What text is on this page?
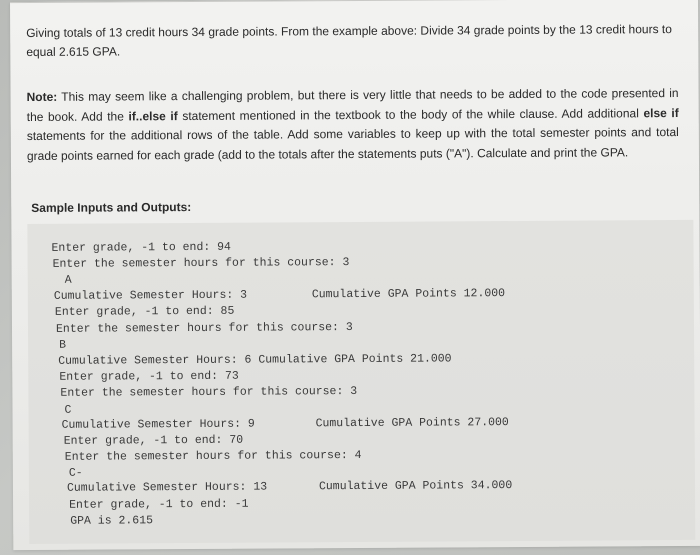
Giving totals of 13 credit hours 34 grade points. From the example above: Divide 34 grade points by the 13 credit hours to equal 2.615 GPA.
Note: This may seem like a challenging problem, but there is very little that needs to be added to the code presented in the book. Add the if..else if statement mentioned in the textbook to the body of the while clause. Add additional else if statements for the additional rows of the table. Add some variables to keep up with the total semester points and total grade points earned for each grade (add to the totals after the statements puts ("A"). Calculate and print the GPA.
Sample Inputs and Outputs:
Enter grade, -1 to end: 94
Enter the semester hours for this course: 3
A
Cumulative Semester Hours: 3	Cumulative GPA Points 12.000
Enter grade, -1 to end: 85
Enter the semester hours for this course: 3
B
Cumulative Semester Hours: 6 Cumulative GPA Points 21.000
Enter grade, -1 to end: 73
Enter the semester hours for this course: 3
C
Cumulative Semester Hours: 9	Cumulative GPA Points 27.000
Enter grade, -1 to end: 70
Enter the semester hours for this course: 4
C-
Cumulative Semester Hours: 13	Cumulative GPA Points 34.000
Enter grade, -1 to end: -1
GPA is 2.615
